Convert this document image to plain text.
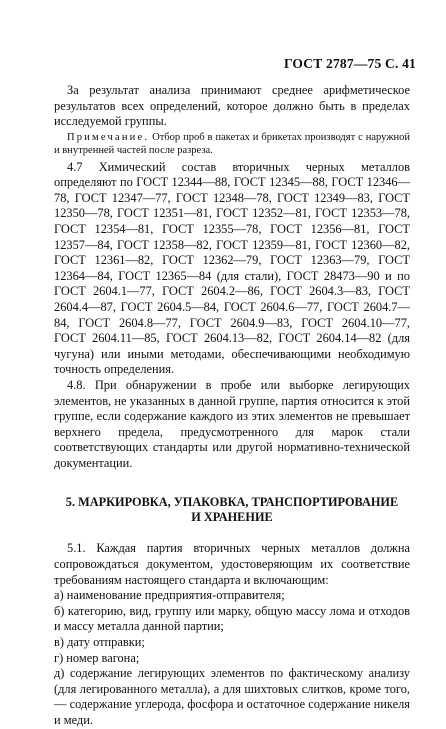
ГОСТ 2787—75 С. 41

За результат анализа принимают среднее арифметическое результатов всех определений, которое должно быть в пределах исследуемой группы.

Примечание. Отбор проб в пакетах и брикетах производят с наружной и внутренней частей после разреза.

4.7 Химический состав вторичных черных металлов определяют по ГОСТ 12344—88, ГОСТ 12345—88, ГОСТ 12346—78, ГОСТ 12347—77, ГОСТ 12348—78, ГОСТ 12349—83, ГОСТ 12350—78, ГОСТ 12351—81, ГОСТ 12352—81, ГОСТ 12353—78, ГОСТ 12354—81, ГОСТ 12355—78, ГОСТ 12356—81, ГОСТ 12357—84, ГОСТ 12358—82, ГОСТ 12359—81, ГОСТ 12360—82, ГОСТ 12361—82, ГОСТ 12362—79, ГОСТ 12363—79, ГОСТ 12364—84, ГОСТ 12365—84 (для стали), ГОСТ 28473—90 и по ГОСТ 2604.1—77, ГОСТ 2604.2—86, ГОСТ 2604.3—83, ГОСТ 2604.4—87, ГОСТ 2604.5—84, ГОСТ 2604.6—77, ГОСТ 2604.7—84, ГОСТ 2604.8—77, ГОСТ 2604.9—83, ГОСТ 2604.10—77, ГОСТ 2604.11—85, ГОСТ 2604.13—82, ГОСТ 2604.14—82 (для чугуна) или иными методами, обеспечивающими необходимую точность определения.

4.8. При обнаружении в пробе или выборке легирующих элементов, не указанных в данной группе, партия относится к этой группе, если содержание каждого из этих элементов не превышает верхнего предела, предусмотренного для марок стали соответствующих стандарты или другой нормативно-технической документации.

5. МАРКИРОВКА, УПАКОВКА, ТРАНСПОРТИРОВАНИЕ
И ХРАНЕНИЕ

5.1. Каждая партия вторичных черных металлов должна сопровождаться документом, удостоверяющим их соответствие требованиям настоящего стандарта и включающим:

а) наименование предприятия-отправителя;

б) категорию, вид, группу или марку, общую массу лома и отходов и массу металла данной партии;

в) дату отправки;

г) номер вагона;

д) содержание легирующих элементов по фактическому анализу (для легированного металла), а для шихтовых слитков, кроме того, — содержание углерода, фосфора и остаточное содержание никеля и меди.
